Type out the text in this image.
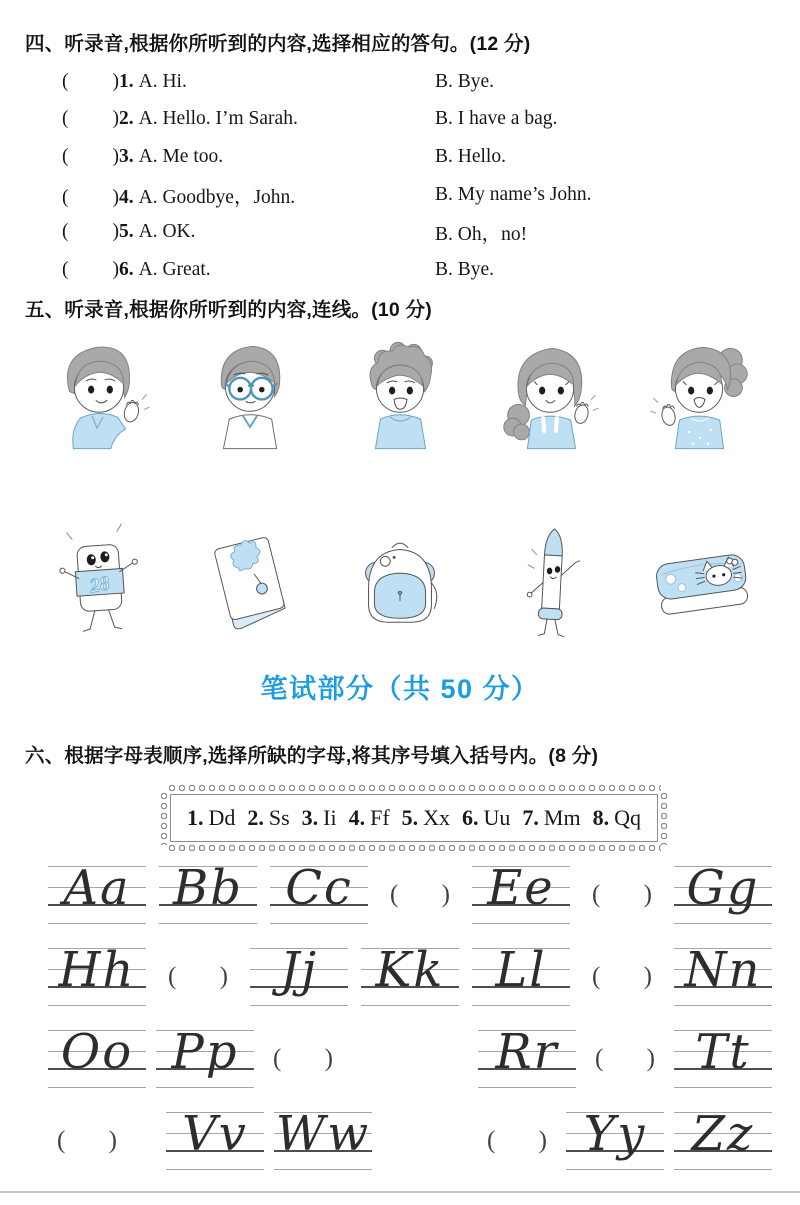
四、听录音,根据你所听到的内容,选择相应的答句。(12 分)
( )1. A. Hi.	B. Bye.
( )2. A. Hello. I’m Sarah.	B. I have a bag.
( )3. A. Me too.	B. Hello.
( )4. A. Goodbye，John.	B. My name’s John.
( )5. A. OK.	B. Oh，no!
( )6. A. Great.	B. Bye.
五、听录音,根据你所听到的内容,连线。(10 分)
28
笔试部分（共 50 分）
六、根据字母表顺序,选择所缺的字母,将其序号填入括号内。(8 分)
1. Dd 2. Ss 3. Ii 4. Ff 5. Xx 6. Uu 7. Mm 8. Qq
Aa Bb Cc	( ) Ee	( ) Gg
Hh	( )	Jj	Kk	Ll	( ) Nn
Oo Pp	( )	Rr	( ) Tt
( )	Vv Ww	( ) Yy Zz
